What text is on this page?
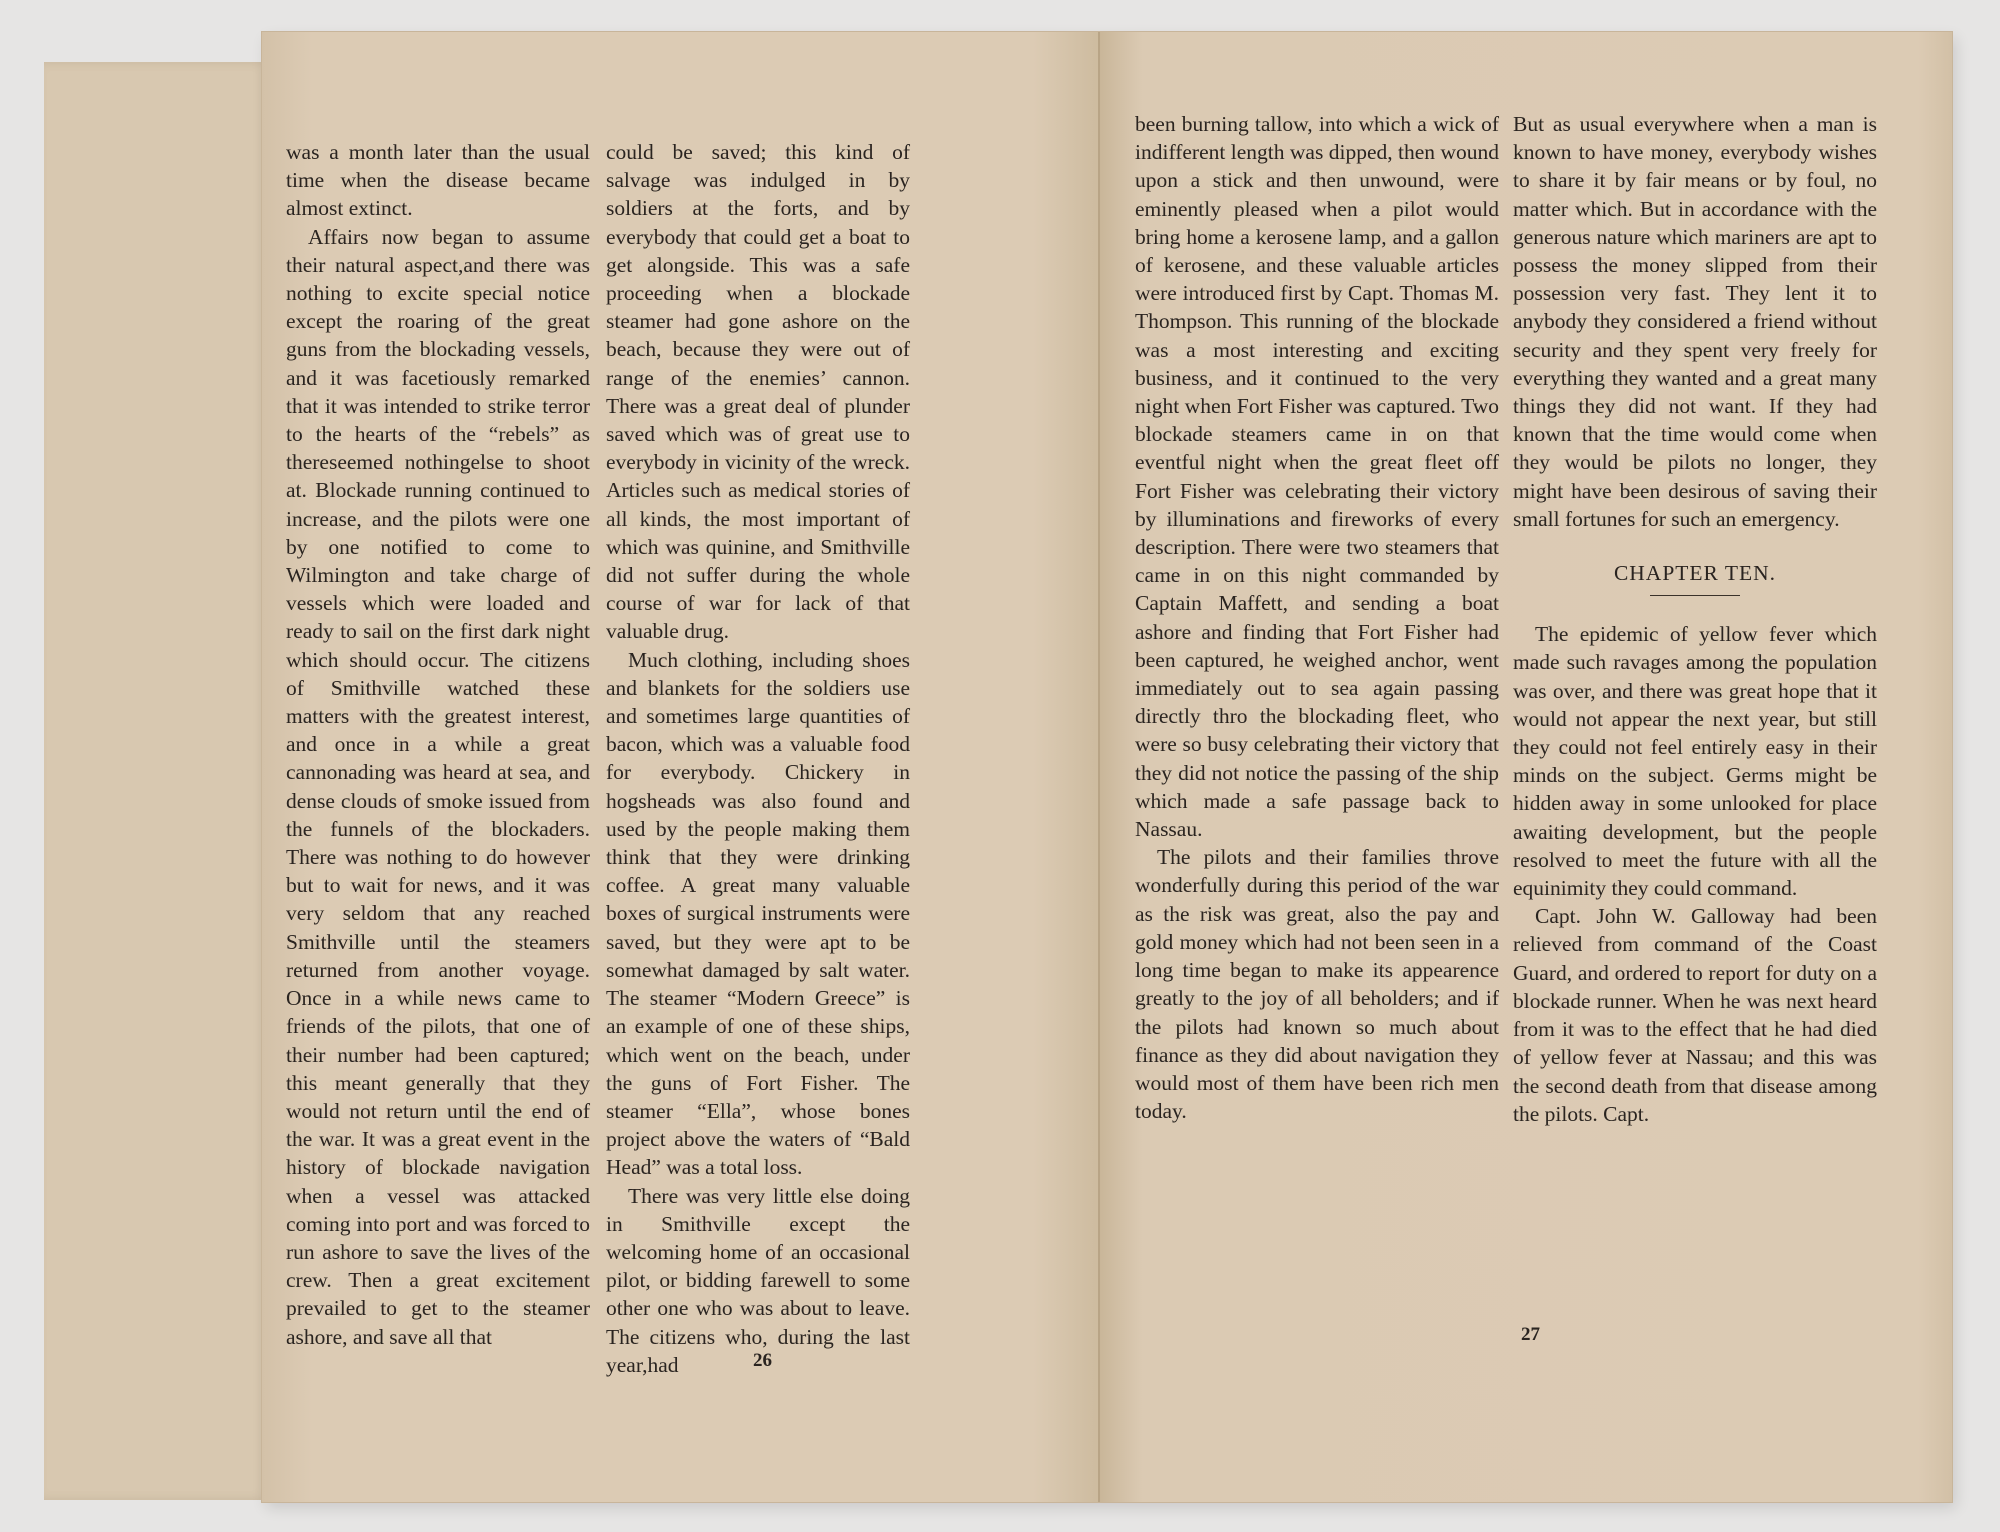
was a month later than the usual time when the disease became almost extinct.

Affairs now began to assume their natural aspect,and there was nothing to excite special notice except the roaring of the great guns from the blockading vessels, and it was facetiously remarked that it was intended to strike terror to the hearts of the “rebels” as thereseemed nothingelse to shoot at. Blockade running continued to increase, and the pilots were one by one notified to come to Wilmington and take charge of vessels which were loaded and ready to sail on the first dark night which should occur. The citizens of Smithville watched these matters with the greatest interest, and once in a while a great cannonading was heard at sea, and dense clouds of smoke issued from the funnels of the blockaders. There was nothing to do however but to wait for news, and it was very seldom that any reached Smithville until the steamers returned from another voyage. Once in a while news came to friends of the pilots, that one of their number had been captured; this meant generally that they would not return until the end of the war. It was a great event in the history of blockade navigation when a vessel was attacked coming into port and was forced to run ashore to save the lives of the crew. Then a great excitement prevailed to get to the steamer ashore, and save all that

could be saved; this kind of salvage was indulged in by soldiers at the forts, and by everybody that could get a boat to get alongside. This was a safe proceeding when a blockade steamer had gone ashore on the beach, because they were out of range of the enemies’ cannon. There was a great deal of plunder saved which was of great use to everybody in vicinity of the wreck. Articles such as medical stories of all kinds, the most important of which was quinine, and Smithville did not suffer during the whole course of war for lack of that valuable drug.

Much clothing, including shoes and blankets for the soldiers use and sometimes large quantities of bacon, which was a valuable food for everybody. Chickery in hogsheads was also found and used by the people making them think that they were drinking coffee. A great many valuable boxes of surgical instruments were saved, but they were apt to be somewhat damaged by salt water. The steamer “Modern Greece” is an example of one of these ships, which went on the beach, under the guns of Fort Fisher. The steamer “Ella”, whose bones project above the waters of “Bald Head” was a total loss.

There was very little else doing in Smithville except the welcoming home of an occasional pilot, or bidding farewell to some other one who was about to leave. The citizens who, during the last year,had	26

been burning tallow, into which a wick of indifferent length was dipped, then wound upon a stick and then unwound, were eminently pleased when a pilot would bring home a kerosene lamp, and a gallon of kerosene, and these valuable articles were introduced first by Capt. Thomas M. Thompson. This running of the blockade was a most interesting and exciting business, and it continued to the very night when Fort Fisher was captured. Two blockade steamers came in on that eventful night when the great fleet off Fort Fisher was celebrating their victory by illuminations and fireworks of every description. There were two steamers that came in on this night commanded by Captain Maffett, and sending a boat ashore and finding that Fort Fisher had been captured, he weighed anchor, went immediately out to sea again passing directly thro the blockading fleet, who were so busy celebrating their victory that they did not notice the passing of the ship which made a safe passage back to Nassau.

The pilots and their families throve wonderfully during this period of the war as the risk was great, also the pay and gold money which had not been seen in a long time began to make its appearence greatly to the joy of all beholders; and if the pilots had known so much about finance as they did about navigation they would most of them have been rich men today.

But as usual everywhere when a man is known to have money, everybody wishes to share it by fair means or by foul, no matter which. But in accordance with the generous nature which mariners are apt to possess the money slipped from their possession very fast. They lent it to anybody they considered a friend without security and they spent very freely for everything they wanted and a great many things they did not want. If they had known that the time would come when they would be pilots no longer, they might have been desirous of saving their small fortunes for such an emergency.

CHAPTER TEN.

The epidemic of yellow fever which made such ravages among the population was over, and there was great hope that it would not appear the next year, but still they could not feel entirely easy in their minds on the subject. Germs might be hidden away in some unlooked for place awaiting development, but the people resolved to meet the future with all the equinimity they could command.

Capt. John W. Galloway had been relieved from command of the Coast Guard, and ordered to report for duty on a blockade runner. When he was next heard from it was to the effect that he had died of yellow fever at Nassau; and this was the second death from that disease among the pilots. Capt.

27
